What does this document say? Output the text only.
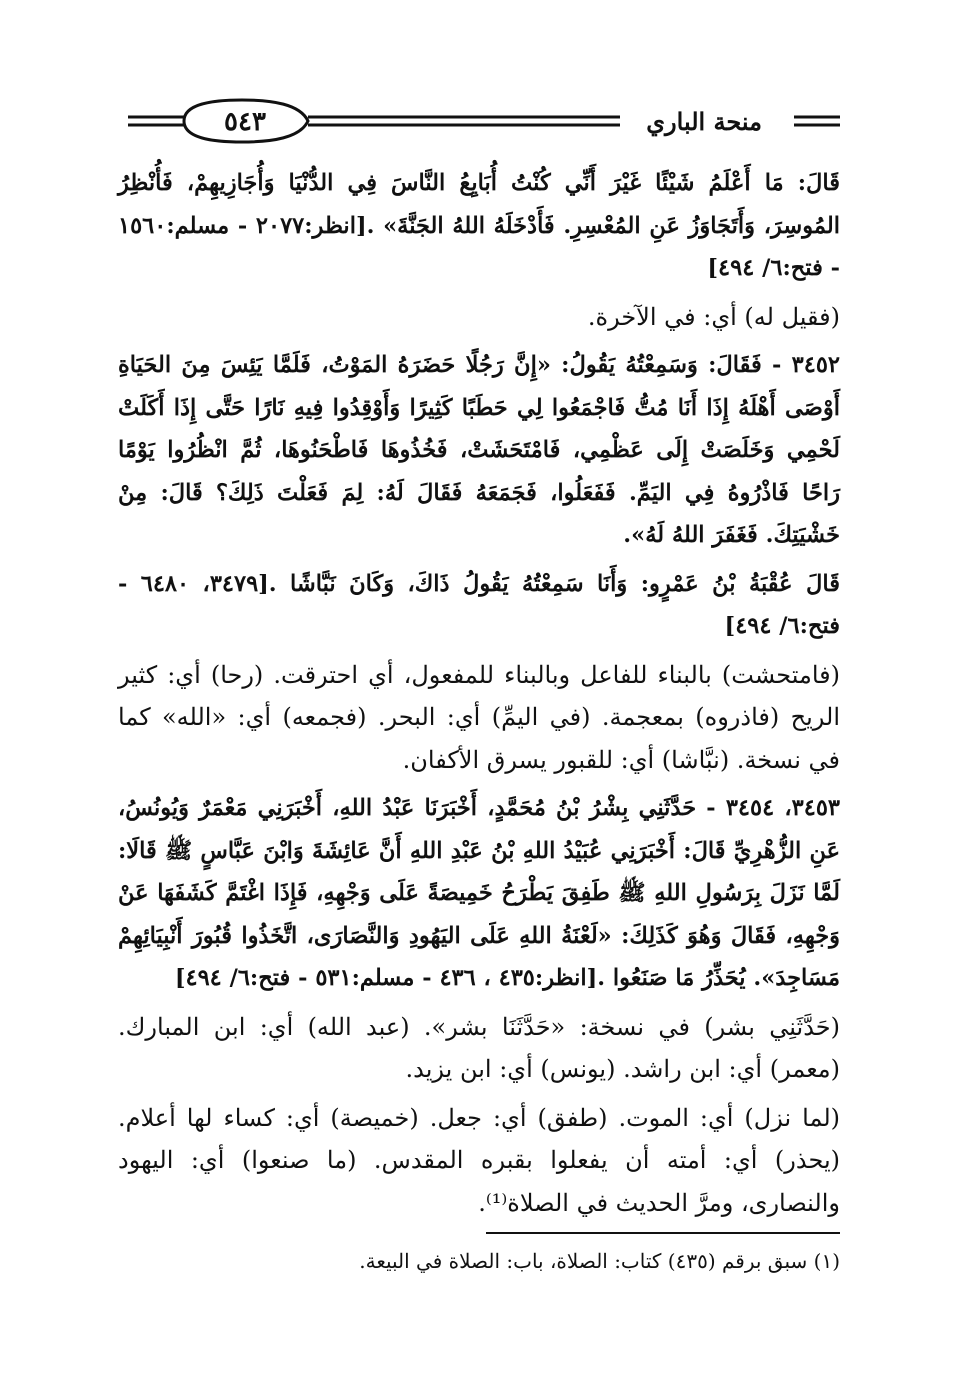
٥٤٣	منحة الباري

قَالَ: مَا أَعْلَمُ شَيْئًا غَيْرَ أَنِّي كُنْتُ أُبَايِعُ النَّاسَ فِي الدُّنْيَا وَأُجَازِيهِمْ، فَأُنْظِرُ المُوسِرَ، وَأَتَجَاوَزُ عَنِ المُعْسِرِ. فَأَدْخَلَهُ اللهُ الجَنَّةَ» .[انظر:٢٠٧٧ - مسلم:١٥٦٠ - فتح:٦/ ٤٩٤]

(فقيل له) أي: في الآخرة.

٣٤٥٢ - فَقَالَ: وَسَمِعْتُهُ يَقُولُ: «إِنَّ رَجُلًا حَضَرَهُ المَوْتُ، فَلَمَّا يَئِسَ مِنَ الحَيَاةِ أَوْصَى أَهْلَهُ إِذَا أَنَا مُتُّ فَاجْمَعُوا لِي حَطَبًا كَثِيرًا وَأَوْقِدُوا فِيهِ نَارًا حَتَّى إِذَا أَكَلَتْ لَحْمِي وَخَلَصَتْ إِلَى عَظْمِي، فَامْتَحَشَتْ، فَخُذُوهَا فَاطْحَنُوهَا، ثُمَّ انْظُرُوا يَوْمًا رَاحًا فَاذْرُوهُ فِي اليَمِّ. فَفَعَلُوا، فَجَمَعَهُ فَقَالَ لَهُ: لِمَ فَعَلْتَ ذَلِكَ؟ قَالَ: مِنْ خَشْيَتِكَ. فَغَفَرَ اللهُ لَهُ».

قَالَ عُقْبَةُ بْنُ عَمْرٍو: وَأَنَا سَمِعْتُهُ يَقُولُ ذَاكَ، وَكَانَ نَبَّاشًا .[٣٤٧٩، ٦٤٨٠ - فتح:٦/ ٤٩٤]

(فامتحشت) بالبناء للفاعل وبالبناء للمفعول، أي احترقت. (رحا) أي: كثير الريح (فاذروه) بمعجمة. (في اليمِّ) أي: البحر. (فجمعه) أي: «الله» كما في نسخة. (نبَّاشا) أي: للقبور يسرق الأكفان.

٣٤٥٣، ٣٤٥٤ - حَدَّثَنِي بِشْرُ بْنُ مُحَمَّدٍ، أَخْبَرَنَا عَبْدُ اللهِ، أَخْبَرَنِي مَعْمَرٌ وَيُونُسُ، عَنِ الزُّهْرِيِّ قَالَ: أَخْبَرَنِي عُبَيْدُ اللهِ بْنُ عَبْدِ اللهِ أَنَّ عَائِشَةَ وَابْنَ عَبَّاسٍ ﷺ قَالَا: لَمَّا نَزَلَ بِرَسُولِ اللهِ ﷺ طَفِقَ يَطْرَحُ خَمِيصَةً عَلَى وَجْهِهِ، فَإِذَا اغْتَمَّ كَشَفَهَا عَنْ وَجْهِهِ، فَقَالَ وَهُوَ كَذَلِكَ: «لَعْنَةُ اللهِ عَلَى اليَهُودِ وَالنَّصَارَى، اتَّخَذُوا قُبُورَ أَنْبِيَائِهِمْ مَسَاجِدَ». يُحَذِّرُ مَا صَنَعُوا .[انظر:٤٣٥ ، ٤٣٦ - مسلم:٥٣١ - فتح:٦/ ٤٩٤]

(حَدَّثَنِي بشر) في نسخة: «حَدَّثَنَا بشر». (عبد الله) أي: ابن المبارك. (معمر) أي: ابن راشد. (يونس) أي: ابن يزيد.

(لما نزل) أي: الموت. (طفق) أي: جعل. (خميصة) أي: كساء لها أعلام. (يحذر) أي: أمته أن يفعلوا بقبره المقدس. (ما صنعوا) أي: اليهود والنصارى، ومرَّ الحديث في الصلاة⁽¹⁾.

(١) سبق برقم (٤٣٥) كتاب: الصلاة، باب: الصلاة في البيعة.
